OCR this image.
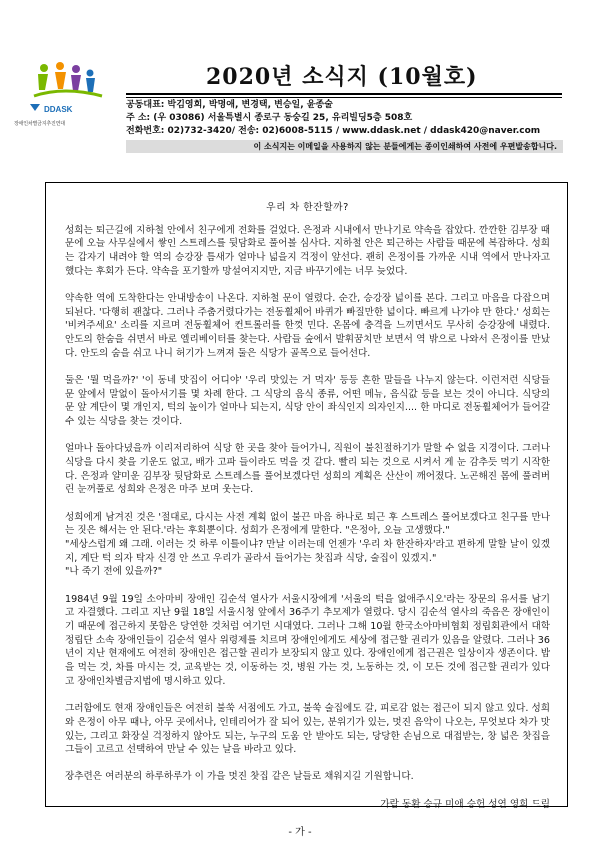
DDASK
장애인차별금지추진연대
2020년 소식지 (10월호)
공동대표: 박김영희, 박명애, 변경택, 변승일, 윤종술
주 소: (우 03086) 서울특별시 종로구 동숭길 25, 유리빌딩5층 508호
전화번호: 02)732-3420/ 전송: 02)6008-5115 / www.ddask.net / ddask420@naver.com
이 소식지는 이메일을 사용하지 않는 분들에게는 종이인쇄하여 사전에 우편발송합니다.
우리 차 한잔할까?

성희는 퇴근길에 지하철 안에서 친구에게 전화를 걸었다. 은정과 시내에서 만나기로 약속을 잡았다. 깐깐한 김부장 때문에 오늘 사무실에서 쌓인 스트레스를 뒷담화로 풀어볼 심사다. 지하철 안은 퇴근하는 사람들 때문에 복잡하다. 성희는 갑자기 내려야 할 역의 승강장 틈새가 얼마나 넓을지 걱정이 앞선다. 괜히 은정이를 가까운 시내 역에서 만나자고 했다는 후회가 든다. 약속을 포기할까 망설여지지만, 지금 바꾸기에는 너무 늦었다.

약속한 역에 도착한다는 안내방송이 나온다. 지하철 문이 열렸다. 순간, 승강장 넓이를 본다. 그리고 마음을 다잡으며 되뇐다. '다행히 괜찮다. 그러나 주춤거렸다가는 전동휠체어 바퀴가 빠질만한 넓이다. 빠르게 나가야 만 한다.' 성희는 '비켜주세요' 소리를 지르며 전동휠체어 컨트롤러를 한껏 민다. 온몸에 충격을 느끼면서도 무사히 승강장에 내렸다. 안도의 한숨을 쉬면서 바로 엘리베이터를 찾는다. 사람들 숲에서 발휘꿈치만 보면서 역 밖으로 나와서 은정이를 만났다. 안도의 숨을 쉬고 나니 허기가 느껴져 둘은 식당가 골목으로 들어선다.

둘은 '뭘 먹을까?' '이 동네 맛집이 어디야' '우리 맛있는 거 먹자' 등등 흔한 말들을 나누지 않는다. 이런저런 식당들 문 앞에서 말없이 돌아서기를 몇 차례 한다. 그 식당의 음식 종류, 어떤 메뉴, 음식값 등을 보는 것이 아니다. 식당의 문 앞 계단이 몇 개인지, 턱의 높이가 얼마나 되는지, 식당 안이 좌식인지 의자인지.... 한 마디로 전동휠체어가 들어갈 수 있는 식당을 찾는 것이다.

얼마나 돌아다녔을까 이리저리하여 식당 한 곳을 찾아 들어가니, 직원이 불친절하기가 말할 수 없을 지경이다. 그러나 식당을 다시 찾을 기운도 없고, 배가 고파 들이라도 먹을 것 같다. 빨리 되는 것으로 시켜서 게 눈 감추듯 먹기 시작한다. 은정과 얄미운 김부장 뒷담화로 스트레스를 풀어보겠다던 성희의 계획은 산산이 깨어졌다. 노곤해진 몸에 풀려버린 눈꺼풀로 성희와 은정은 마주 보며 웃는다.

성희에게 남겨진 것은 '절대로, 다시는 사전 계획 없이 불끈 마음 하나로 퇴근 후 스트레스 풀어보겠다고 친구를 만나는 짓은 해서는 안 된다.'라는 후회뿐이다. 성희가 은정에게 말한다. "은정아, 오늘 고생했다."

"세상스럽게 왜 그래. 이러는 것 하루 이틀이냐? 만날 이러는데 언젠가 '우리 차 한잔하자'라고 편하게 말할 날이 있겠지, 계단 턱 의자 탁자 신경 안 쓰고 우리가 골라서 들어가는 찻집과 식당, 술집이 있겠지."

"나 죽기 전에 있을까?"

1984년 9월 19일 소아마비 장애인 김순석 열사가 서울시장에게 '서울의 턱을 없애주시오'라는 장문의 유서를 남기고 자결했다. 그리고 지난 9월 18일 서울시청 앞에서 36주기 추모제가 열렸다. 당시 김순석 열사의 죽음은 장애인이기 때문에 접근하지 못함은 당연한 것처럼 여기던 시대였다. 그러나 그해 10월 한국소아마비협회 정립회관에서 대학정립단 소속 장애인들이 김순석 열사 위령제를 치르며 장애인에게도 세상에 접근할 권리가 있음을 알렸다. 그러나 36년이 지난 현재에도 여전히 장애인은 접근할 권리가 보장되지 않고 있다. 장애인에게 접근권은 일상이자 생존이다. 밥을 먹는 것, 차를 마시는 것, 교육받는 것, 이동하는 것, 병원 가는 것, 노동하는 것, 이 모든 것에 접근할 권리가 있다고 장애인차별금지법에 명시하고 있다.

그러함에도 현재 장애인들은 여전히 불쑥 서점에도 가고, 불쑥 술집에도 갈, 피로감 없는 접근이 되지 않고 있다. 성희와 은정이 아무 때나, 아무 곳에서나, 인테리어가 잘 되어 있는, 분위기가 있는, 멋진 음악이 나오는, 무엇보다 차가 맛있는, 그리고 화장실 걱정하지 않아도 되는, 누구의 도움 안 받아도 되는, 당당한 손님으로 대접받는, 창 넓은 찻집을 그들이 고르고 선택하여 만날 수 있는 날을 바라고 있다.

장추련은 여러분의 하루하루가 이 가을 멋진 찻집 같은 날들로 채워지길 기원합니다.

가람 동환 승규 미애 승헌 성연 영희 드림
- 가 -
